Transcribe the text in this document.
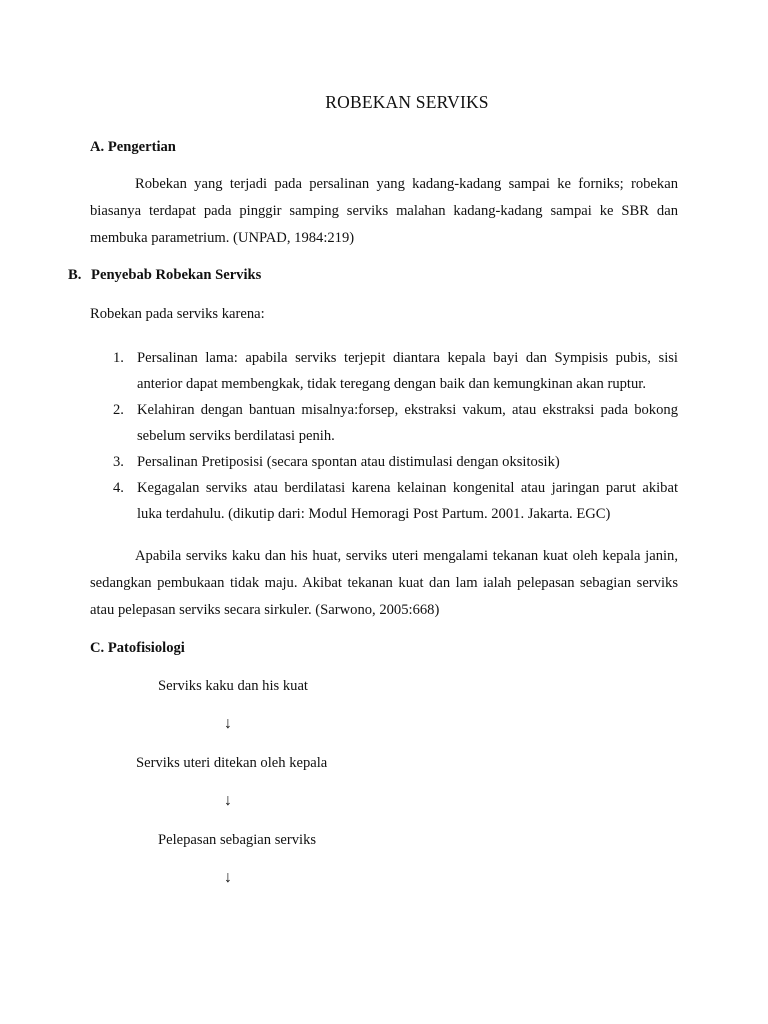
ROBEKAN SERVIKS
A. Pengertian

Robekan yang terjadi pada persalinan yang kadang-kadang sampai ke forniks; robekan biasanya terdapat pada pinggir samping serviks malahan kadang-kadang sampai ke SBR dan membuka parametrium. (UNPAD, 1984:219)

B. Penyebab Robekan Serviks
Robekan pada serviks karena:
1. Persalinan lama: apabila serviks terjepit diantara kepala bayi dan Sympisis pubis, sisi anterior dapat membengkak, tidak teregang dengan baik dan kemungkinan akan ruptur.
2. Kelahiran dengan bantuan misalnya:forsep, ekstraksi vakum, atau ekstraksi pada bokong sebelum serviks berdilatasi penih.
3. Persalinan Pretiposisi (secara spontan atau distimulasi dengan oksitosik)
4. Kegagalan serviks atau berdilatasi karena kelainan kongenital atau jaringan parut akibat luka terdahulu. (dikutip dari: Modul Hemoragi Post Partum. 2001. Jakarta. EGC)

Apabila serviks kaku dan his huat, serviks uteri mengalami tekanan kuat oleh kepala janin, sedangkan pembukaan tidak maju. Akibat tekanan kuat dan lam ialah pelepasan sebagian serviks atau pelepasan serviks secara sirkuler. (Sarwono, 2005:668)

C. Patofisiologi
Serviks kaku dan his kuat
↓
Serviks uteri ditekan oleh kepala
↓
Pelepasan sebagian serviks
↓
